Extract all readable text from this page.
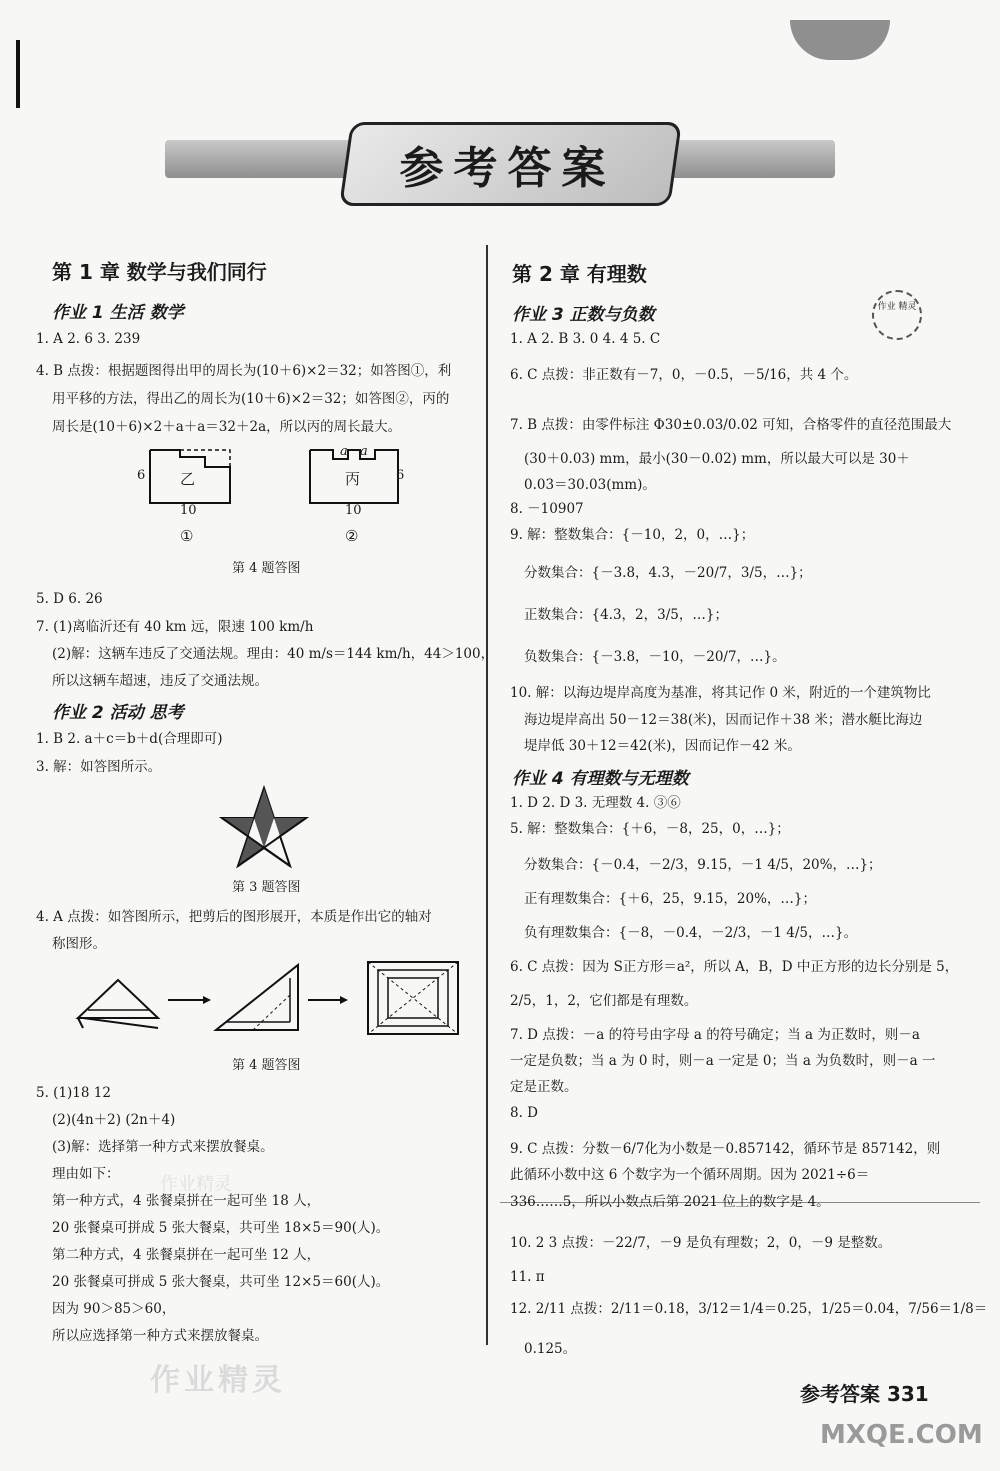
参考答案
第 1 章 数学与我们同行
作业 1 生活 数学
1. A 2. 6 3. 239
4. B 点拨：根据题图得出甲的周长为(10＋6)×2＝32；如答图①，利
用平移的方法，得出乙的周长为(10＋6)×2＝32；如答图②，丙的
周长是(10＋6)×2＋a＋a＝32＋2a，所以丙的周长最大。
6 乙
10
a a
丙	6
10
①	②
第 4 题答图
5. D 6. 26
7. (1)离临沂还有 40 km 远，限速 100 km/h
(2)解：这辆车违反了交通法规。理由：40 m/s＝144 km/h，44＞100，
所以这辆车超速，违反了交通法规。
作业 2 活动 思考
1. B 2. a＋c＝b＋d(合理即可)
3. 解：如答图所示。
第 3 题答图
4. A 点拨：如答图所示，把剪后的图形展开，本质是作出它的轴对
称图形。
第 4 题答图
5. (1)18 12
(2)(4n＋2) (2n＋4)
(3)解：选择第一种方式来摆放餐桌。
理由如下：
第一种方式，4 张餐桌拼在一起可坐 18 人，
20 张餐桌可拼成 5 张大餐桌，共可坐 18×5＝90(人)。
第二种方式，4 张餐桌拼在一起可坐 12 人，
20 张餐桌可拼成 5 张大餐桌，共可坐 12×5＝60(人)。
因为 90＞85＞60，
所以应选择第一种方式来摆放餐桌。
第 2 章 有理数
作业 精灵
作业 3 正数与负数
1. A 2. B 3. 0 4. 4 5. C
6. C 点拨：非正数有－7，0，－0.5，－5/16，共 4 个。
7. B 点拨：由零件标注 Φ30±0.03/0.02 可知，合格零件的直径范围最大
(30＋0.03) mm，最小(30－0.02) mm，所以最大可以是 30＋
0.03＝30.03(mm)。
8. －10907
9. 解：整数集合：{－10，2，0，…}；
分数集合：{－3.8，4.3，－20/7，3/5，…}；
正数集合：{4.3，2，3/5，…}；
负数集合：{－3.8，－10，－20/7，…}。
10. 解：以海边堤岸高度为基准，将其记作 0 米，附近的一个建筑物比
海边堤岸高出 50－12＝38(米)，因而记作＋38 米；潜水艇比海边
堤岸低 30＋12＝42(米)，因而记作－42 米。
作业 4 有理数与无理数
1. D 2. D 3. 无理数 4. ③⑥
5. 解：整数集合：{＋6，－8，25，0，…}；
分数集合：{－0.4，－2/3，9.15，－1 4/5，20%，…}；
正有理数集合：{＋6，25，9.15，20%，…}；
负有理数集合：{－8，－0.4，－2/3，－1 4/5，…}。
6. C 点拨：因为 S正方形＝a²，所以 A，B，D 中正方形的边长分别是 5，
2/5，1，2，它们都是有理数。
7. D 点拨：－a 的符号由字母 a 的符号确定；当 a 为正数时，则－a
一定是负数；当 a 为 0 时，则－a 一定是 0；当 a 为负数时，则－a 一
定是正数。
8. D
9. C 点拨：分数－6/7化为小数是－0.857142，循环节是 857142，则
此循环小数中这 6 个数字为一个循环周期。因为 2021÷6＝
336……5，所以小数点后第 2021 位上的数字是 4。
10. 2 3 点拨：－22/7，－9 是负有理数；2，0，－9 是整数。
11. π
12. 2/11 点拨：2/11＝0.18，3/12＝1/4＝0.25，1/25＝0.04，7/56＝1/8＝
0.125。
作业精灵
作业精灵	参考答案 331
MXQE.COM
